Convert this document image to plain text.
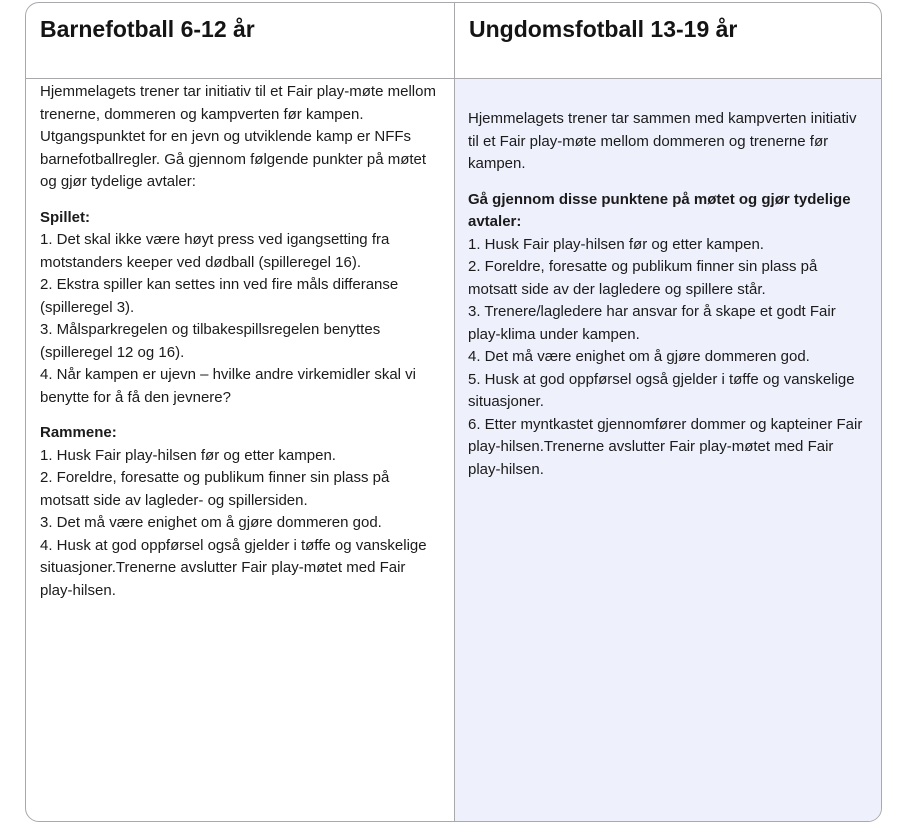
Barnefotball 6-12 år	Ungdomsfotball 13-19 år

Hjemmelagets trener tar initiativ til et Fair play-møte mellom trenerne, dommeren og kampverten før kampen. Utgangspunktet for en jevn og utviklende kamp er NFFs barnefotballregler. Gå gjennom følgende punkter på møtet og gjør tydelige avtaler:

Spillet:

1. Det skal ikke være høyt press ved igangsetting fra motstanders keeper ved dødball (spilleregel 16).

2. Ekstra spiller kan settes inn ved fire måls differanse (spilleregel 3).

3. Målsparkregelen og tilbakespillsregelen benyttes (spilleregel 12 og 16).

4. Når kampen er ujevn – hvilke andre virkemidler skal vi benytte for å få den jevnere?

Rammene:

1. Husk Fair play-hilsen før og etter kampen.

2. Foreldre, foresatte og publikum finner sin plass på motsatt side av lagleder- og spillersiden.

3. Det må være enighet om å gjøre dommeren god.

4. Husk at god oppførsel også gjelder i tøffe og vanskelige situasjoner.Trenerne avslutter Fair play-møtet med Fair play-hilsen.

Hjemmelagets trener tar sammen med kampverten initiativ til et Fair play-møte mellom dommeren og trenerne før kampen.

Gå gjennom disse punktene på møtet og gjør tydelige avtaler:

1. Husk Fair play-hilsen før og etter kampen.

2. Foreldre, foresatte og publikum finner sin plass på motsatt side av der lagledere og spillere står.

3. Trenere/lagledere har ansvar for å skape et godt Fair play-klima under kampen.

4. Det må være enighet om å gjøre dommeren god.

5. Husk at god oppførsel også gjelder i tøffe og vanskelige situasjoner.

6. Etter myntkastet gjennomfører dommer og kapteiner Fair play-hilsen.Trenerne avslutter Fair play-møtet med Fair play-hilsen.
